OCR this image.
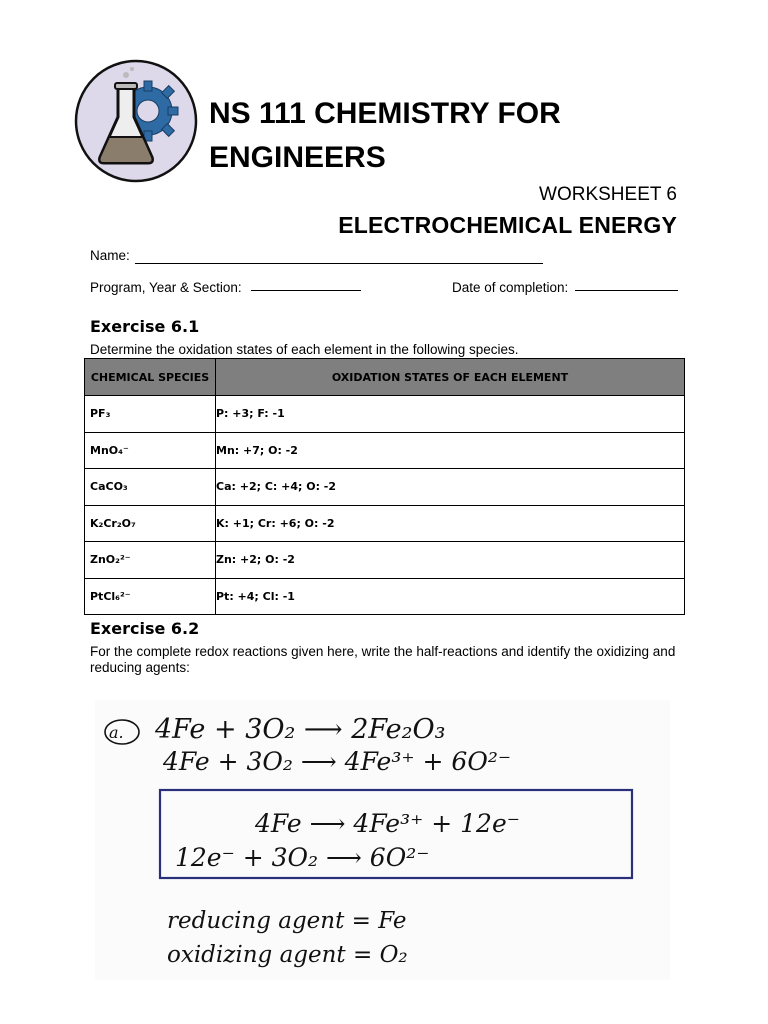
NS 111 CHEMISTRY FOR ENGINEERS
WORKSHEET 6
ELECTROCHEMICAL ENERGY
Name:
Program, Year & Section:	Date of completion:
Exercise 6.1
Determine the oxidation states of each element in the following species.
CHEMICAL SPECIES	OXIDATION STATES OF EACH ELEMENT
PF₃	P: +3; F: -1
MnO₄⁻	Mn: +7; O: -2
CaCO₃	Ca: +2; C: +4; O: -2
K₂Cr₂O₇	K: +1; Cr: +6; O: -2
ZnO₂²⁻	Zn: +2; O: -2
PtCl₆²⁻	Pt: +4; Cl: -1
Exercise 6.2
For the complete redox reactions given here, write the half-reactions and identify the oxidizing and reducing agents:
a. 4Fe + 3O₂ ⟶ 2Fe₂O₃
4Fe + 3O₂ ⟶ 4Fe³⁺ + 6O²⁻
4Fe ⟶ 4Fe³⁺ + 12e⁻
12e⁻ + 3O₂ ⟶ 6O²⁻
reducing agent = Fe
oxidizing agent = O₂
